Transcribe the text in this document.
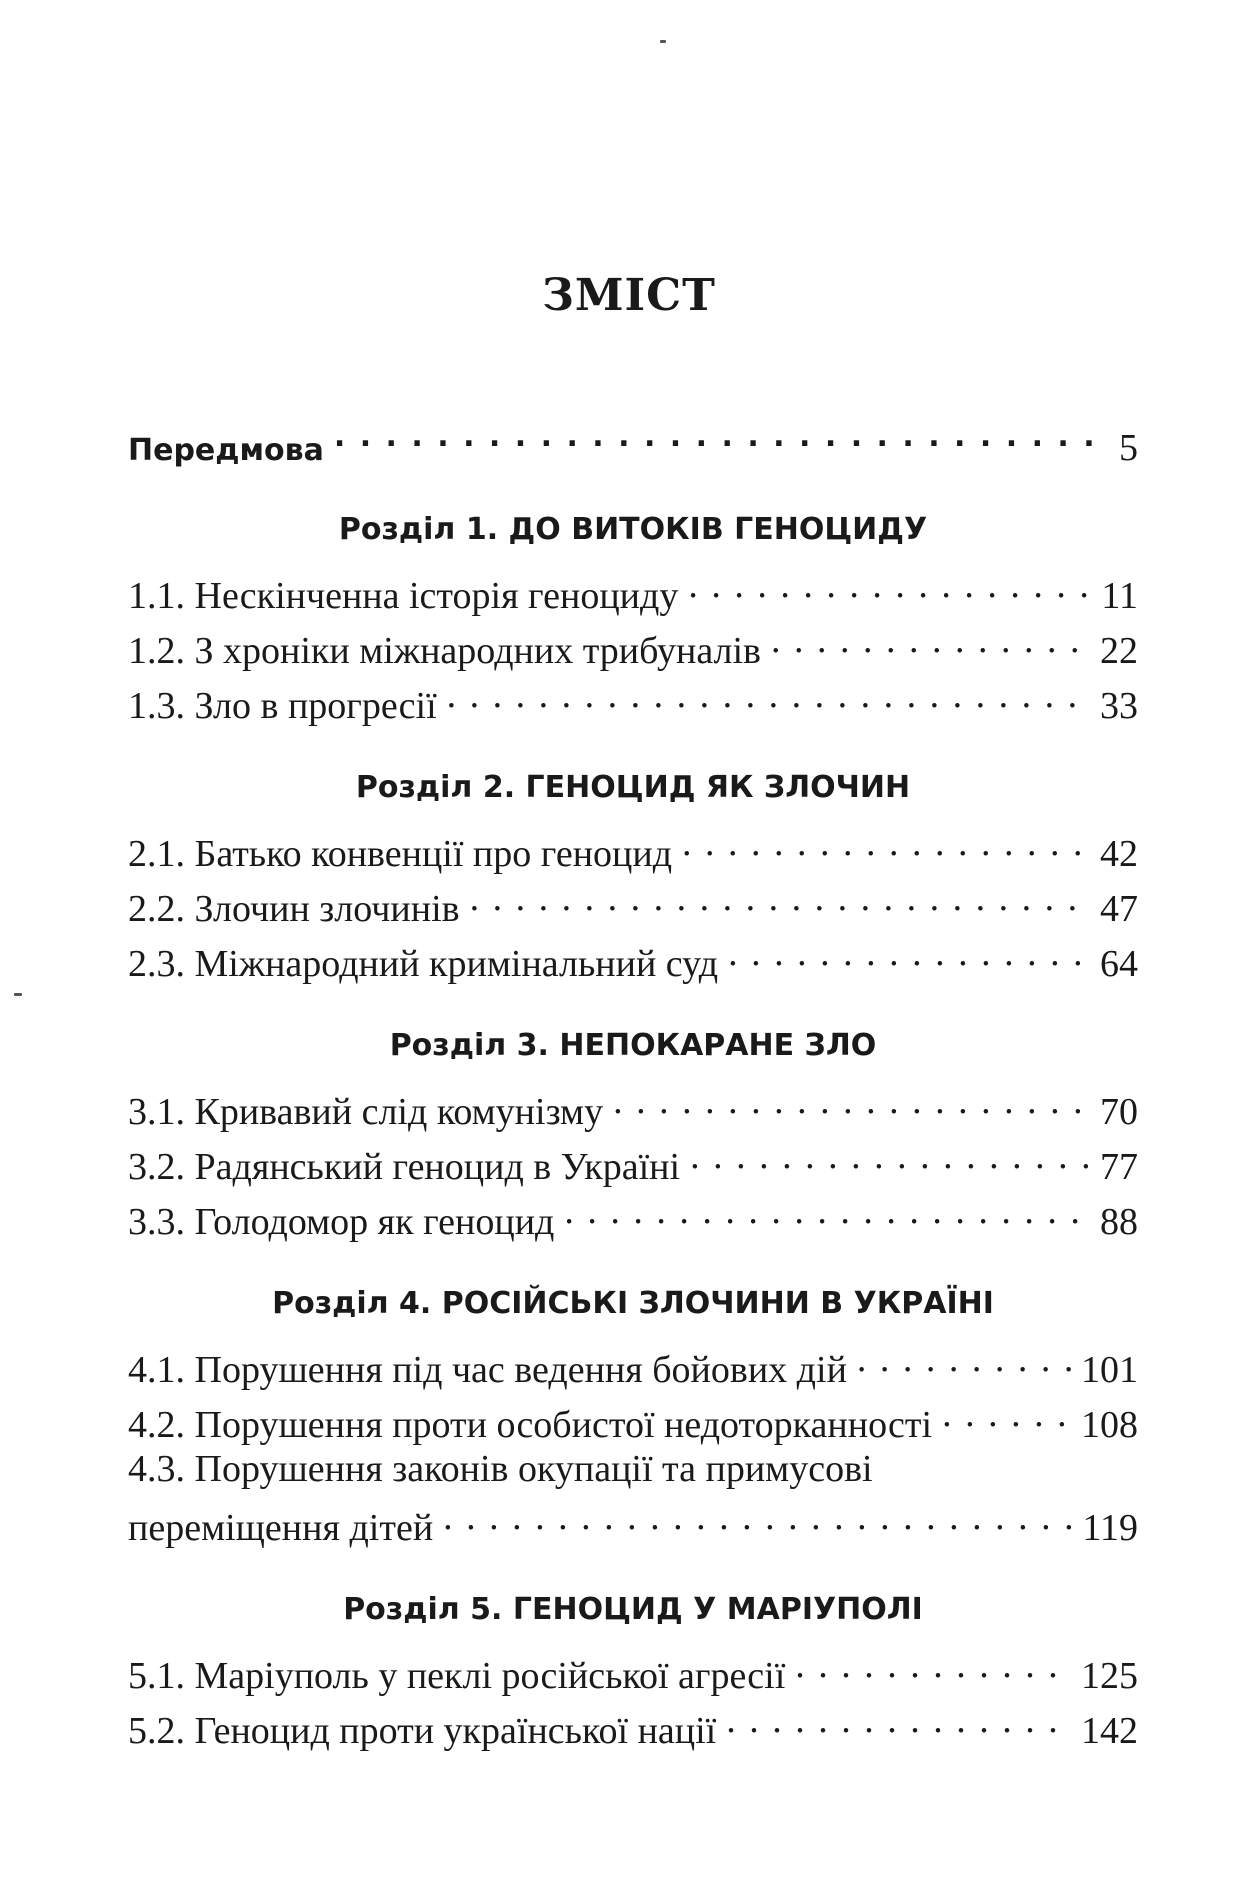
ЗМІСТ
Передмова . . .	5
Розділ 1. ДО ВИТОКІВ ГЕНОЦИДУ
1.1. Нескінченна історія геноциду . . .	11
1.2. З хроніки міжнародних трибуналів . . .	22
1.3. Зло в прогресії . . .	33
Розділ 2. ГЕНОЦИД ЯК ЗЛОЧИН
2.1. Батько конвенції про геноцид . . .	42
2.2. Злочин злочинів . . .	47
2.3. Міжнародний кримінальний суд . . .	64
Розділ 3. НЕПОКАРАНЕ ЗЛО
3.1. Кривавий слід комунізму . . .	70
3.2. Радянський геноцид в Україні . . .	77
3.3. Голодомор як геноцид . . .	88
Розділ 4. РОСІЙСЬКІ ЗЛОЧИНИ В УКРАЇНІ
4.1. Порушення під час ведення бойових дій . . .	101
4.2. Порушення проти особистої недоторканності . . .	108
4.3. Порушення законів окупації та примусові
переміщення дітей . . .	119
Розділ 5. ГЕНОЦИД У МАРІУПОЛІ
5.1. Маріуполь у пеклі російської агресії . . .	125
5.2. Геноцид проти української нації . . .	142
